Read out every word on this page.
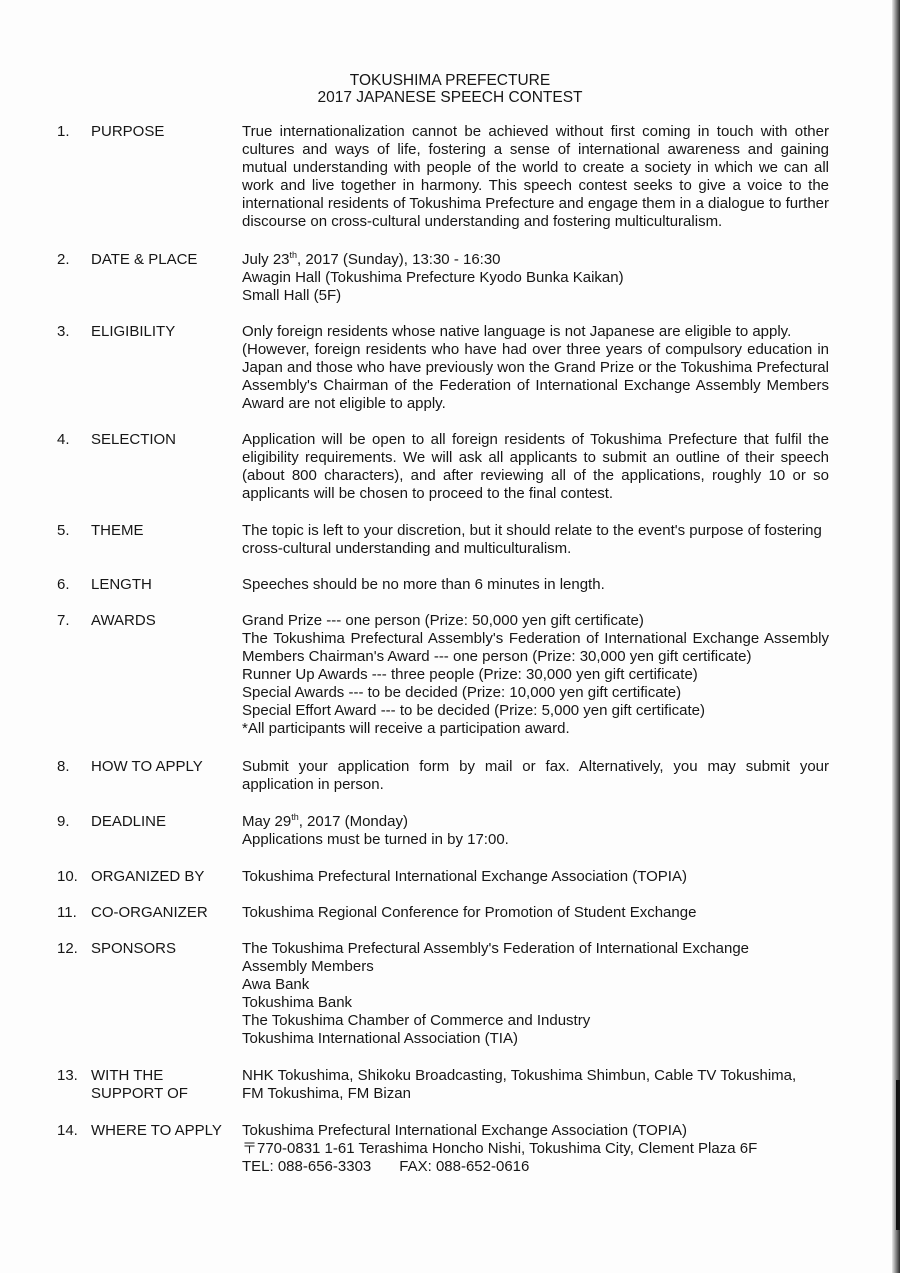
TOKUSHIMA PREFECTURE
2017 JAPANESE SPEECH CONTEST
1. PURPOSE	True internationalization cannot be achieved without first coming in touch with other cultures and ways of life, fostering a sense of international awareness and gaining mutual understanding with people of the world to create a society in which we can all work and live together in harmony. This speech contest seeks to give a voice to the international residents of Tokushima Prefecture and engage them in a dialogue to further discourse on cross-cultural understanding and fostering multiculturalism.
2. DATE & PLACE	July 23th, 2017 (Sunday), 13:30 - 16:30
Awagin Hall (Tokushima Prefecture Kyodo Bunka Kaikan)
Small Hall (5F)
3. ELIGIBILITY	Only foreign residents whose native language is not Japanese are eligible to apply.
(However, foreign residents who have had over three years of compulsory education in Japan and those who have previously won the Grand Prize or the Tokushima Prefectural Assembly's Chairman of the Federation of International Exchange Assembly Members Award are not eligible to apply.
4. SELECTION	Application will be open to all foreign residents of Tokushima Prefecture that fulfil the eligibility requirements. We will ask all applicants to submit an outline of their speech (about 800 characters), and after reviewing all of the applications, roughly 10 or so applicants will be chosen to proceed to the final contest.
5. THEME	The topic is left to your discretion, but it should relate to the event's purpose of fostering cross-cultural understanding and multiculturalism.
6. LENGTH	Speeches should be no more than 6 minutes in length.
7. AWARDS	Grand Prize --- one person (Prize: 50,000 yen gift certificate)
The Tokushima Prefectural Assembly's Federation of International Exchange Assembly Members Chairman's Award --- one person (Prize: 30,000 yen gift certificate)
Runner Up Awards --- three people (Prize: 30,000 yen gift certificate)
Special Awards --- to be decided (Prize: 10,000 yen gift certificate)
Special Effort Award --- to be decided (Prize: 5,000 yen gift certificate)
*All participants will receive a participation award.
8. HOW TO APPLY	Submit your application form by mail or fax. Alternatively, you may submit your application in person.
9. DEADLINE	May 29th, 2017 (Monday)
Applications must be turned in by 17:00.
10. ORGANIZED BY	Tokushima Prefectural International Exchange Association (TOPIA)
11. CO-ORGANIZER Tokushima Regional Conference for Promotion of Student Exchange
12. SPONSORS	The Tokushima Prefectural Assembly's Federation of International Exchange
Assembly Members
Awa Bank
Tokushima Bank
The Tokushima Chamber of Commerce and Industry
Tokushima International Association (TIA)
13. WITH THE
SUPPORT OF
NHK Tokushima, Shikoku Broadcasting, Tokushima Shimbun, Cable TV Tokushima,
FM Tokushima, FM Bizan
14. WHERE TO APPLY Tokushima Prefectural International Exchange Association (TOPIA)
〒770-0831 1-61 Terashima Honcho Nishi, Tokushima City, Clement Plaza 6F
TEL: 088-656-3303 FAX: 088-652-0616
